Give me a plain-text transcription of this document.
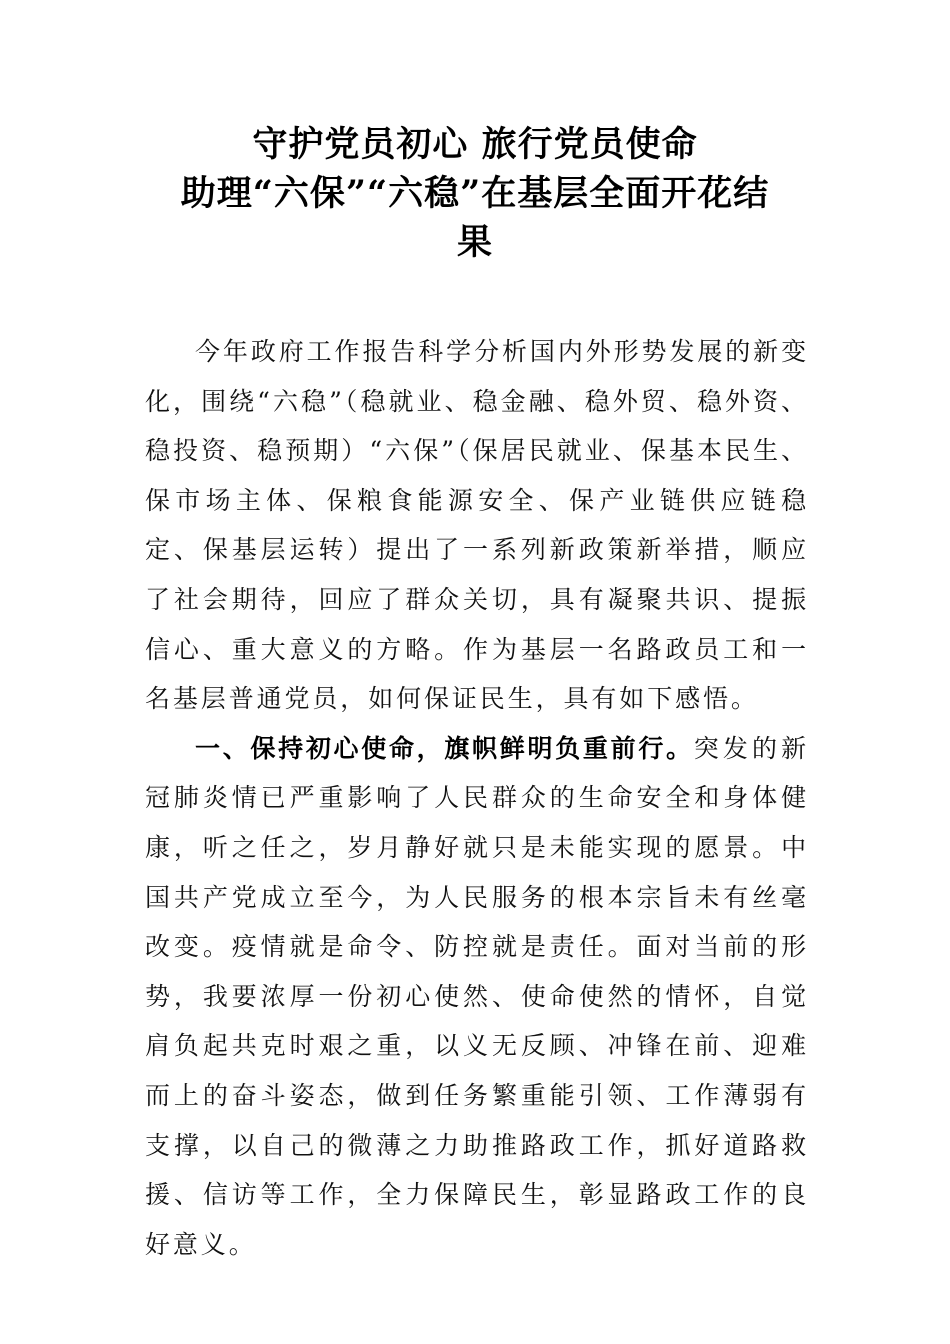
守护党员初心 旅行党员使命
助理“六保”“六稳”在基层全面开花结
果

今年政府工作报告科学分析国内外形势发展的新变化，围绕“六稳”（稳就业、稳金融、稳外贸、稳外资、稳投资、稳预期）“六保”（保居民就业、保基本民生、保市场主体、保粮食能源安全、保产业链供应链稳定、保基层运转）提出了一系列新政策新举措，顺应了社会期待，回应了群众关切，具有凝聚共识、提振信心、重大意义的方略。作为基层一名路政员工和一名基层普通党员，如何保证民生，具有如下感悟。

一、保持初心使命，旗帜鲜明负重前行。突发的新冠肺炎情已严重影响了人民群众的生命安全和身体健康，听之任之，岁月静好就只是未能实现的愿景。中国共产党成立至今，为人民服务的根本宗旨未有丝毫改变。疫情就是命令、防控就是责任。面对当前的形势，我要浓厚一份初心使然、使命使然的情怀，自觉肩负起共克时艰之重，以义无反顾、冲锋在前、迎难而上的奋斗姿态，做到任务繁重能引领、工作薄弱有支撑，以自己的微薄之力助推路政工作，抓好道路救援、信访等工作，全力保障民生，彰显路政工作的良好意义。
